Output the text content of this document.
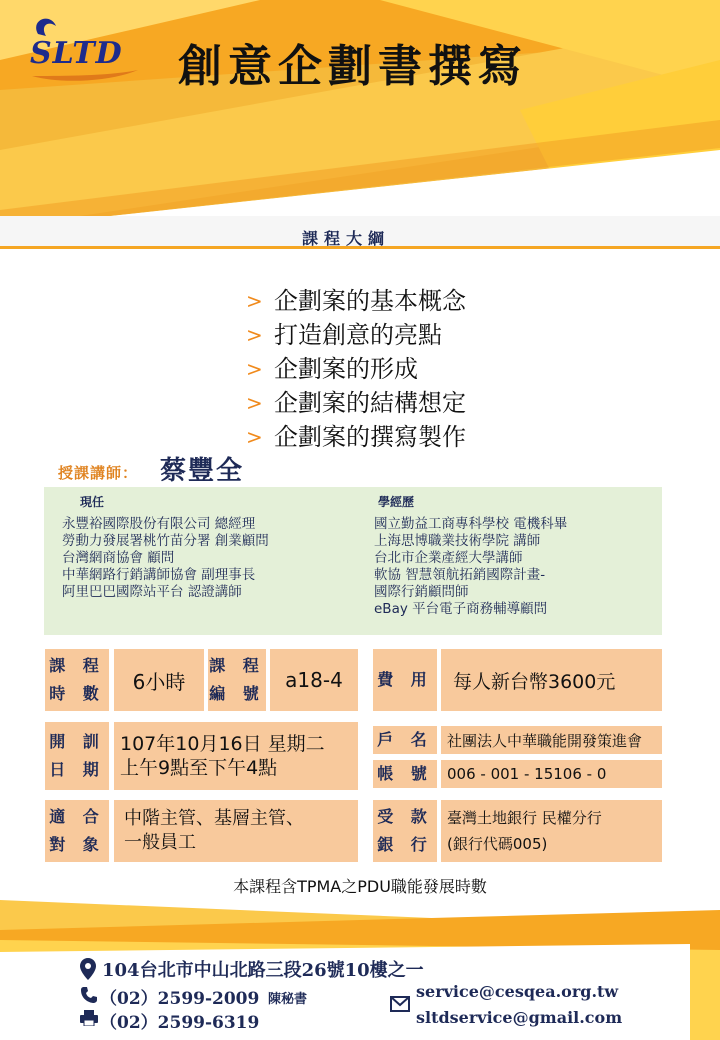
SLTD 創意企劃書撰寫
課程大綱
> 企劃案的基本概念
> 打造創意的亮點
> 企劃案的形成
> 企劃案的結構想定
> 企劃案的撰寫製作
授課講師： 蔡豐全
現任
永豐裕國際股份有限公司 總經理
勞動力發展署桃竹苗分署 創業顧問
台灣網商協會 顧問
中華網路行銷講師協會 副理事長
阿里巴巴國際站平台 認證講師
學經歷
國立勤益工商專科學校 電機科畢
上海思博職業技術學院 講師
台北市企業產經大學講師
軟協 智慧領航拓銷國際計畫-
國際行銷顧問師
eBay 平台電子商務輔導顧問
課 程
時 數 6小時
課 程
編 號
a18-4 費 用 每人新台幣3600元
開 訓
日 期
107年10月16日 星期二
上午9點至下午4點
戶 名 社團法人中華職能開發策進會
帳 號 006 - 001 - 15106 - 0
適 合
對 象
中階主管、基層主管、
一般員工
受 款
銀 行
臺灣土地銀行 民權分行
(銀行代碼005)
本課程含TPMA之PDU職能發展時數
104台北市中山北路三段26號10樓之一
（02）2599-2009 陳秘書
（02）2599-6319
service@cesqea.org.tw
sltdservice@gmail.com
